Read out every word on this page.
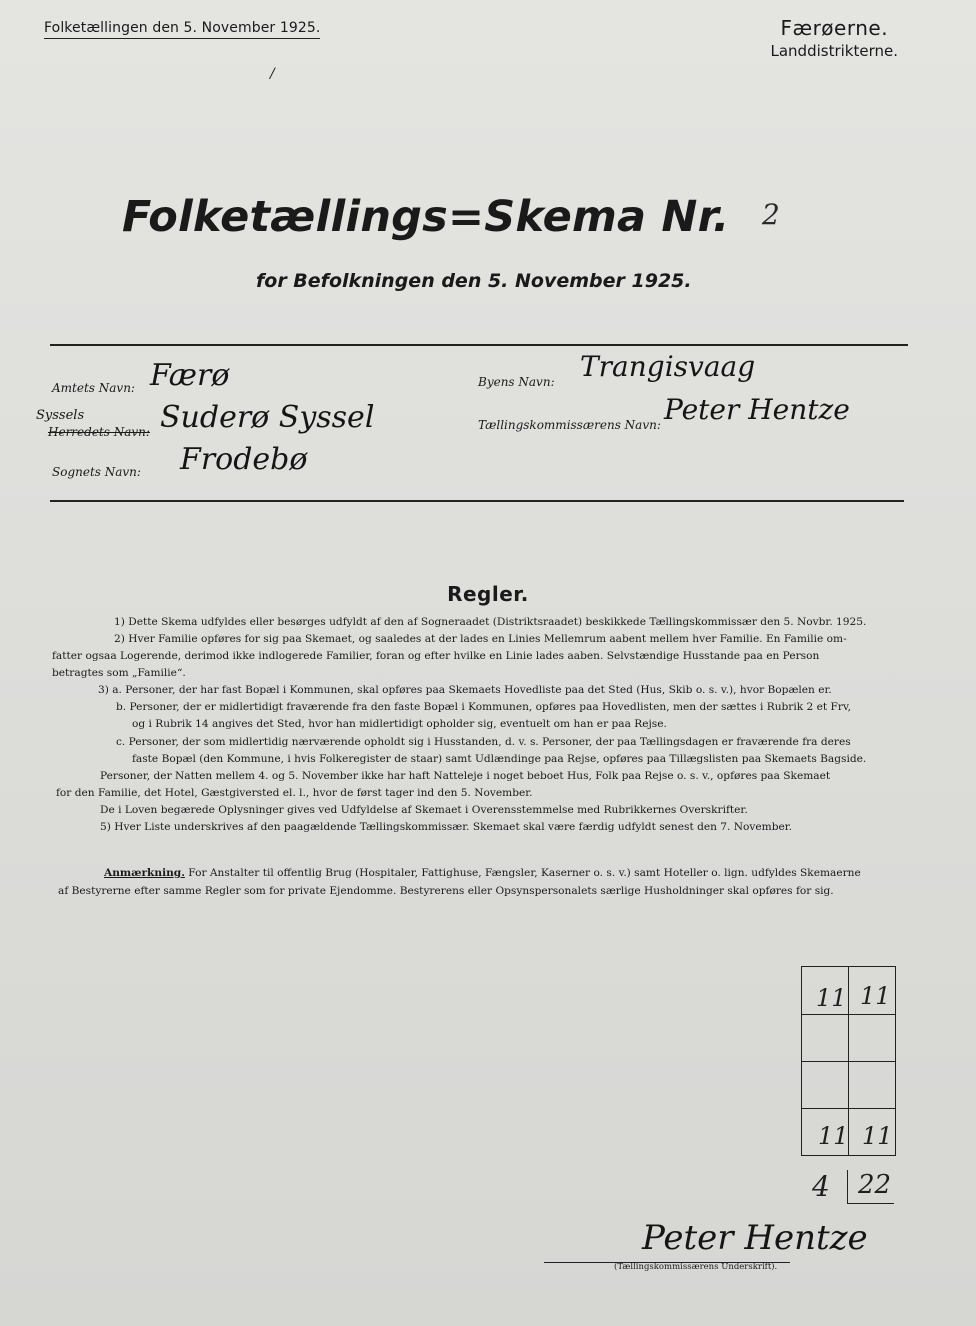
Folketællingen den 5. November 1925.	Færøerne.
Landdistrikterne.
/
Folketællings=Skema Nr. 2
for Befolkningen den 5. November 1925.
Amtets Navn: Færø
Syssels
Herredets Navn: Suderø Syssel
Sognets Navn: Frodebø
Byens Navn: Trangisvaag
Tællingskommissærens Navn: Peter Hentze
Regler.
1) Dette Skema udfyldes eller besørges udfyldt af den af Sogneraadet (Distriktsraadet) beskikkede Tællingskommissær den 5. Novbr. 1925.
2) Hver Familie opføres for sig paa Skemaet, og saaledes at der lades en Linies Mellemrum aabent mellem hver Familie. En Familie om-
fatter ogsaa Logerende, derimod ikke indlogerede Familier, foran og efter hvilke en Linie lades aaben. Selvstændige Husstande paa en Person
betragtes som „Familie“.
3) a. Personer, der har fast Bopæl i Kommunen, skal opføres paa Skemaets Hovedliste paa det Sted (Hus, Skib o. s. v.), hvor Bopælen er.
b. Personer, der er midlertidigt fraværende fra den faste Bopæl i Kommunen, opføres paa Hovedlisten, men der sættes i Rubrik 2 et Frv,
og i Rubrik 14 angives det Sted, hvor han midlertidigt opholder sig, eventuelt om han er paa Rejse.
c. Personer, der som midlertidig nærværende opholdt sig i Husstanden, d. v. s. Personer, der paa Tællingsdagen er fraværende fra deres
faste Bopæl (den Kommune, i hvis Folkeregister de staar) samt Udlændinge paa Rejse, opføres paa Tillægslisten paa Skemaets Bagside.
Personer, der Natten mellem 4. og 5. November ikke har haft Natteleje i noget beboet Hus, Folk paa Rejse o. s. v., opføres paa Skemaet
for den Familie, det Hotel, Gæstgiversted el. l., hvor de først tager ind den 5. November.
De i Loven begærede Oplysninger gives ved Udfyldelse af Skemaet i Overensstemmelse med Rubrikkernes Overskrifter.
5) Hver Liste underskrives af den paagældende Tællingskommissær. Skemaet skal være færdig udfyldt senest den 7. November.
Anmærkning. For Anstalter til offentlig Brug (Hospitaler, Fattighuse, Fængsler, Kaserner o. s. v.) samt Hoteller o. lign. udfyldes Skemaerne
af Bestyrerne efter samme Regler som for private Ejendomme. Bestyrerens eller Opsynspersonalets særlige Husholdninger skal opføres for sig.
11 11
11 11
4 22
Peter Hentze
(Tællingskommissærens Underskrift).
